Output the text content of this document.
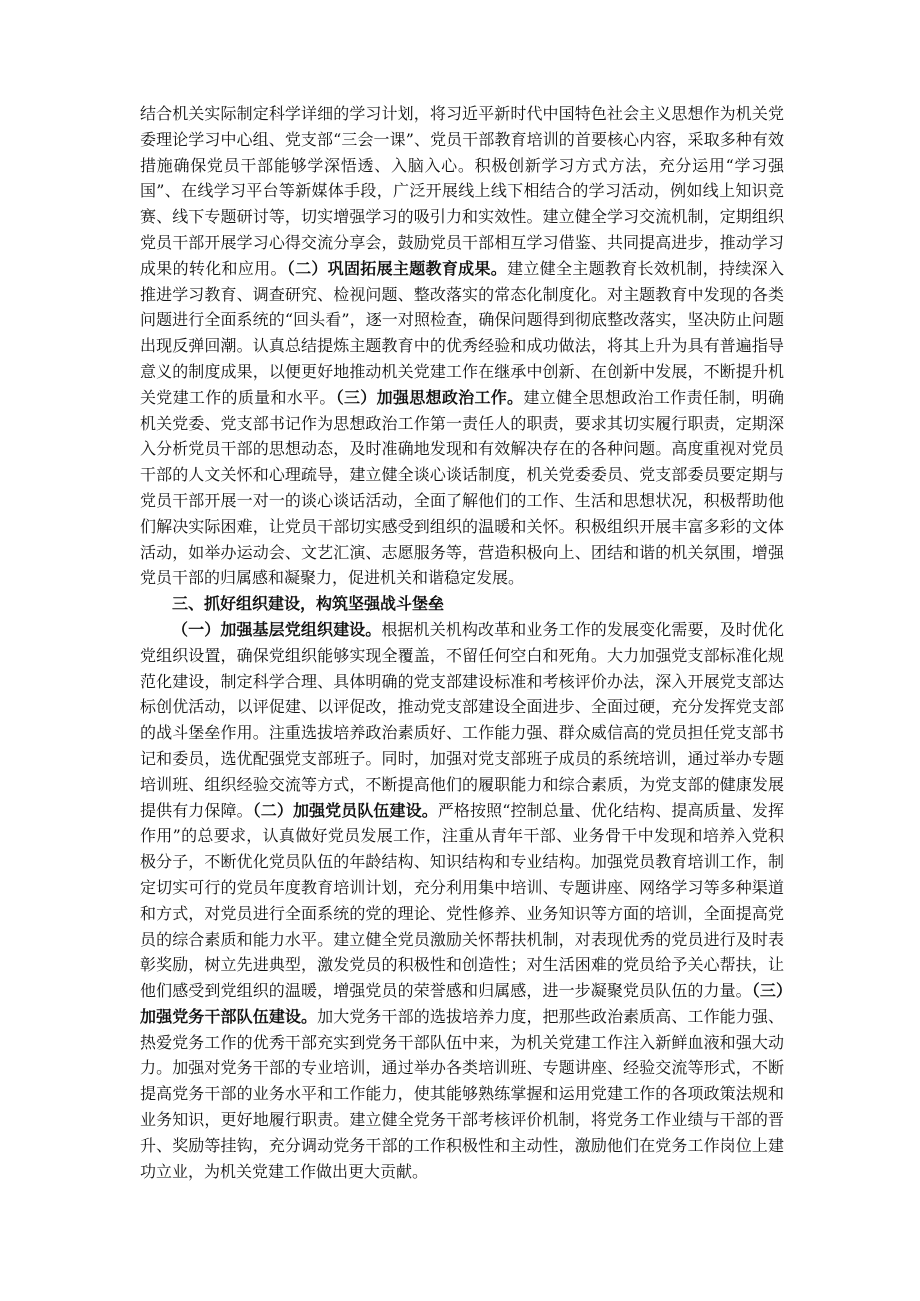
结合机关实际制定科学详细的学习计划，将习近平新时代中国特色社会主义思想作为机关党委理论学习中心组、党支部“三会一课”、党员干部教育培训的首要核心内容，采取多种有效措施确保党员干部能够学深悟透、入脑入心。积极创新学习方式方法，充分运用“学习强国”、在线学习平台等新媒体手段，广泛开展线上线下相结合的学习活动，例如线上知识竞赛、线下专题研讨等，切实增强学习的吸引力和实效性。建立健全学习交流机制，定期组织党员干部开展学习心得交流分享会，鼓励党员干部相互学习借鉴、共同提高进步，推动学习成果的转化和应用。（二）巩固拓展主题教育成果。建立健全主题教育长效机制，持续深入推进学习教育、调查研究、检视问题、整改落实的常态化制度化。对主题教育中发现的各类问题进行全面系统的“回头看”，逐一对照检查，确保问题得到彻底整改落实，坚决防止问题出现反弹回潮。认真总结提炼主题教育中的优秀经验和成功做法，将其上升为具有普遍指导意义的制度成果，以便更好地推动机关党建工作在继承中创新、在创新中发展，不断提升机关党建工作的质量和水平。（三）加强思想政治工作。建立健全思想政治工作责任制，明确机关党委、党支部书记作为思想政治工作第一责任人的职责，要求其切实履行职责，定期深入分析党员干部的思想动态，及时准确地发现和有效解决存在的各种问题。高度重视对党员干部的人文关怀和心理疏导，建立健全谈心谈话制度，机关党委委员、党支部委员要定期与党员干部开展一对一的谈心谈话活动，全面了解他们的工作、生活和思想状况，积极帮助他们解决实际困难，让党员干部切实感受到组织的温暖和关怀。积极组织开展丰富多彩的文体活动，如举办运动会、文艺汇演、志愿服务等，营造积极向上、团结和谐的机关氛围，增强党员干部的归属感和凝聚力，促进机关和谐稳定发展。

三、抓好组织建设，构筑坚强战斗堡垒

（一）加强基层党组织建设。根据机关机构改革和业务工作的发展变化需要，及时优化党组织设置，确保党组织能够实现全覆盖，不留任何空白和死角。大力加强党支部标准化规范化建设，制定科学合理、具体明确的党支部建设标准和考核评价办法，深入开展党支部达标创优活动，以评促建、以评促改，推动党支部建设全面进步、全面过硬，充分发挥党支部的战斗堡垒作用。注重选拔培养政治素质好、工作能力强、群众威信高的党员担任党支部书记和委员，选优配强党支部班子。同时，加强对党支部班子成员的系统培训，通过举办专题培训班、组织经验交流等方式，不断提高他们的履职能力和综合素质，为党支部的健康发展提供有力保障。（二）加强党员队伍建设。严格按照“控制总量、优化结构、提高质量、发挥作用”的总要求，认真做好党员发展工作，注重从青年干部、业务骨干中发现和培养入党积极分子，不断优化党员队伍的年龄结构、知识结构和专业结构。加强党员教育培训工作，制定切实可行的党员年度教育培训计划，充分利用集中培训、专题讲座、网络学习等多种渠道和方式，对党员进行全面系统的党的理论、党性修养、业务知识等方面的培训，全面提高党员的综合素质和能力水平。建立健全党员激励关怀帮扶机制，对表现优秀的党员进行及时表彰奖励，树立先进典型，激发党员的积极性和创造性；对生活困难的党员给予关心帮扶，让他们感受到党组织的温暖，增强党员的荣誉感和归属感，进一步凝聚党员队伍的力量。（三）加强党务干部队伍建设。加大党务干部的选拔培养力度，把那些政治素质高、工作能力强、热爱党务工作的优秀干部充实到党务干部队伍中来，为机关党建工作注入新鲜血液和强大动力。加强对党务干部的专业培训，通过举办各类培训班、专题讲座、经验交流等形式，不断提高党务干部的业务水平和工作能力，使其能够熟练掌握和运用党建工作的各项政策法规和业务知识，更好地履行职责。建立健全党务干部考核评价机制，将党务工作业绩与干部的晋升、奖励等挂钩，充分调动党务干部的工作积极性和主动性，激励他们在党务工作岗位上建功立业，为机关党建工作做出更大贡献。
